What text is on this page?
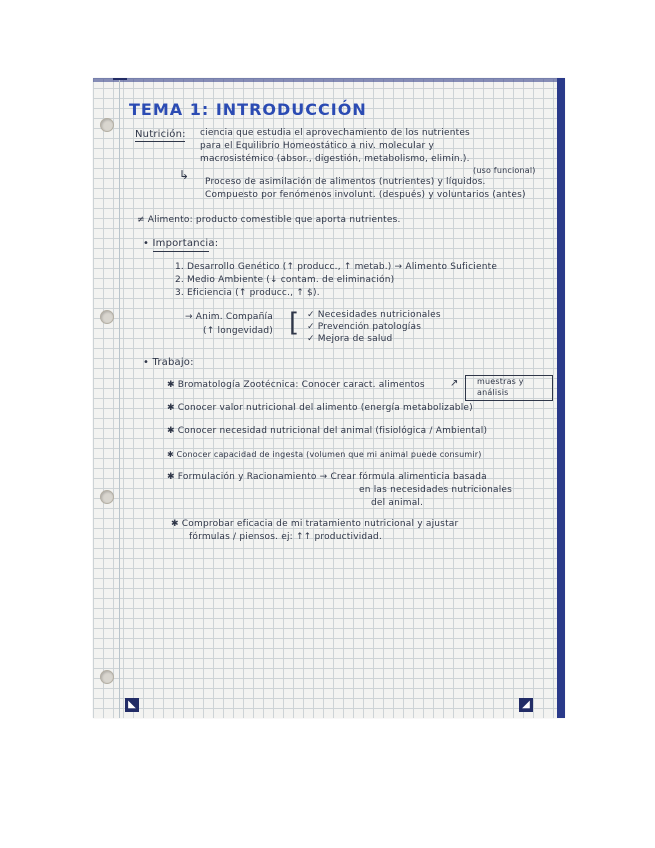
◣	◢
TEMA 1: INTRODUCCIÓN
Nutrición: ciencia que estudia el aprovechamiento de los nutrientes
para el Equilibrio Homeostático a niv. molecular y
macrosistémico (absor., digestión, metabolismo, elimin.).
(uso funcional)
↳ Proceso de asimilación de alimentos (nutrientes) y líquidos.
Compuesto por fenómenos involunt. (después) y voluntarios (antes)
≠ Alimento: producto comestible que aporta nutrientes.
• Importancia:
1. Desarrollo Genético (↑ producc., ↑ metab.) → Alimento Suficiente
2. Medio Ambiente (↓ contam. de eliminación)
3. Eficiencia (↑ producc., ↑ $).
→ Anim. Compañía
(↑ longevidad) [ ✓ Necesidades nutricionales
✓ Prevención patologías
✓ Mejora de salud
• Trabajo:
✱ Bromatología Zootécnica: Conocer caract. alimentos	↗ muestras y
análisis
✱ Conocer valor nutricional del alimento (energía metabolizable)
✱ Conocer necesidad nutricional del animal (fisiológica / Ambiental)
✱ Conocer capacidad de ingesta (volumen que mi animal puede consumir)
✱ Formulación y Racionamiento → Crear fórmula alimenticia basada
en las necesidades nutricionales
del animal.
✱ Comprobar eficacia de mi tratamiento nutricional y ajustar
fórmulas / piensos. ej: ↑↑ productividad.
